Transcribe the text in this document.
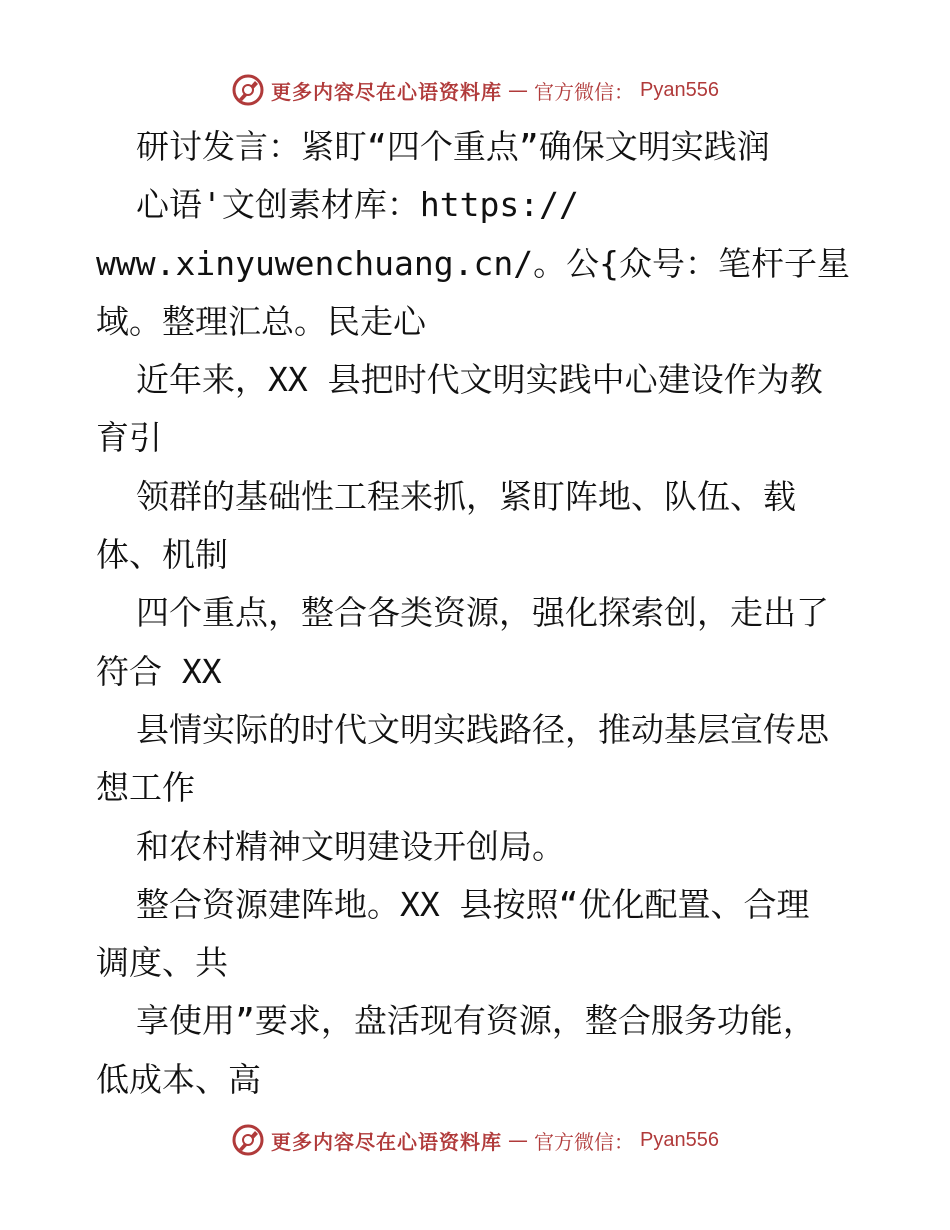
更多内容尽在心语资料库 — 官方微信： Pyan556
研讨发言：紧盯“四个重点”确保文明实践润
心语'文创素材库：https://
www.xinyuwenchuang.cn/。公{众号：笔杆子星
域。整理汇总。民走心
近年来，XX 县把时代文明实践中心建设作为教
育引
领群的基础性工程来抓，紧盯阵地、队伍、载
体、机制
四个重点，整合各类资源，强化探索创，走出了
符合 XX
县情实际的时代文明实践路径，推动基层宣传思
想工作
和农村精神文明建设开创局。
整合资源建阵地。XX 县按照“优化配置、合理
调度、共
享使用”要求，盘活现有资源，整合服务功能，
低成本、高
更多内容尽在心语资料库 — 官方微信： Pyan556
